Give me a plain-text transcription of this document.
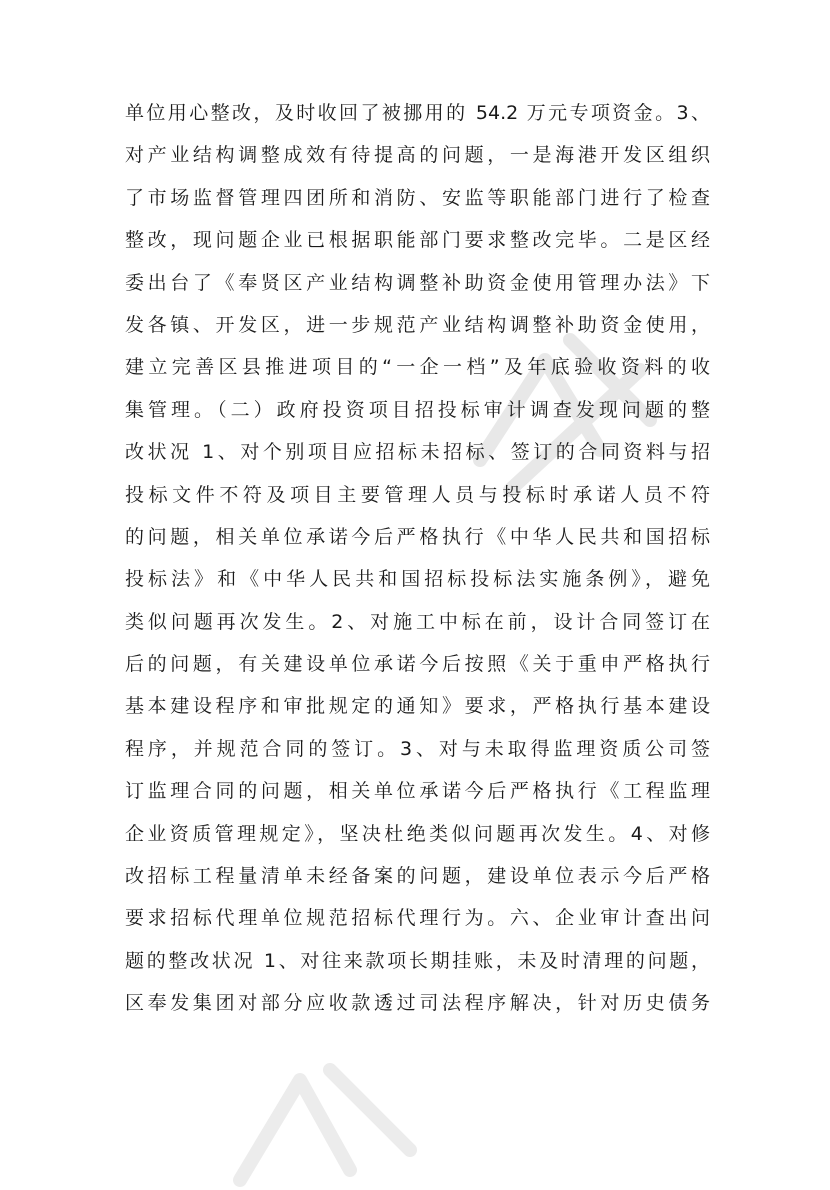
单位用心整改，及时收回了被挪用的 54.2 万元专项资金。3、
对产业结构调整成效有待提高的问题，一是海港开发区组织
了市场监督管理四团所和消防、安监等职能部门进行了检查
整改，现问题企业已根据职能部门要求整改完毕。二是区经
委出台了《奉贤区产业结构调整补助资金使用管理办法》下
发各镇、开发区，进一步规范产业结构调整补助资金使用，
建立完善区县推进项目的“一企一档”及年底验收资料的收
集管理。（二）政府投资项目招投标审计调查发现问题的整
改状况 1、对个别项目应招标未招标、签订的合同资料与招
投标文件不符及项目主要管理人员与投标时承诺人员不符
的问题，相关单位承诺今后严格执行《中华人民共和国招标
投标法》和《中华人民共和国招标投标法实施条例》，避免
类似问题再次发生。2、对施工中标在前，设计合同签订在
后的问题，有关建设单位承诺今后按照《关于重申严格执行
基本建设程序和审批规定的通知》要求，严格执行基本建设
程序，并规范合同的签订。3、对与未取得监理资质公司签
订监理合同的问题，相关单位承诺今后严格执行《工程监理
企业资质管理规定》，坚决杜绝类似问题再次发生。4、对修
改招标工程量清单未经备案的问题，建设单位表示今后严格
要求招标代理单位规范招标代理行为。六、企业审计查出问
题的整改状况 1、对往来款项长期挂账，未及时清理的问题，
区奉发集团对部分应收款透过司法程序解决，针对历史债务
